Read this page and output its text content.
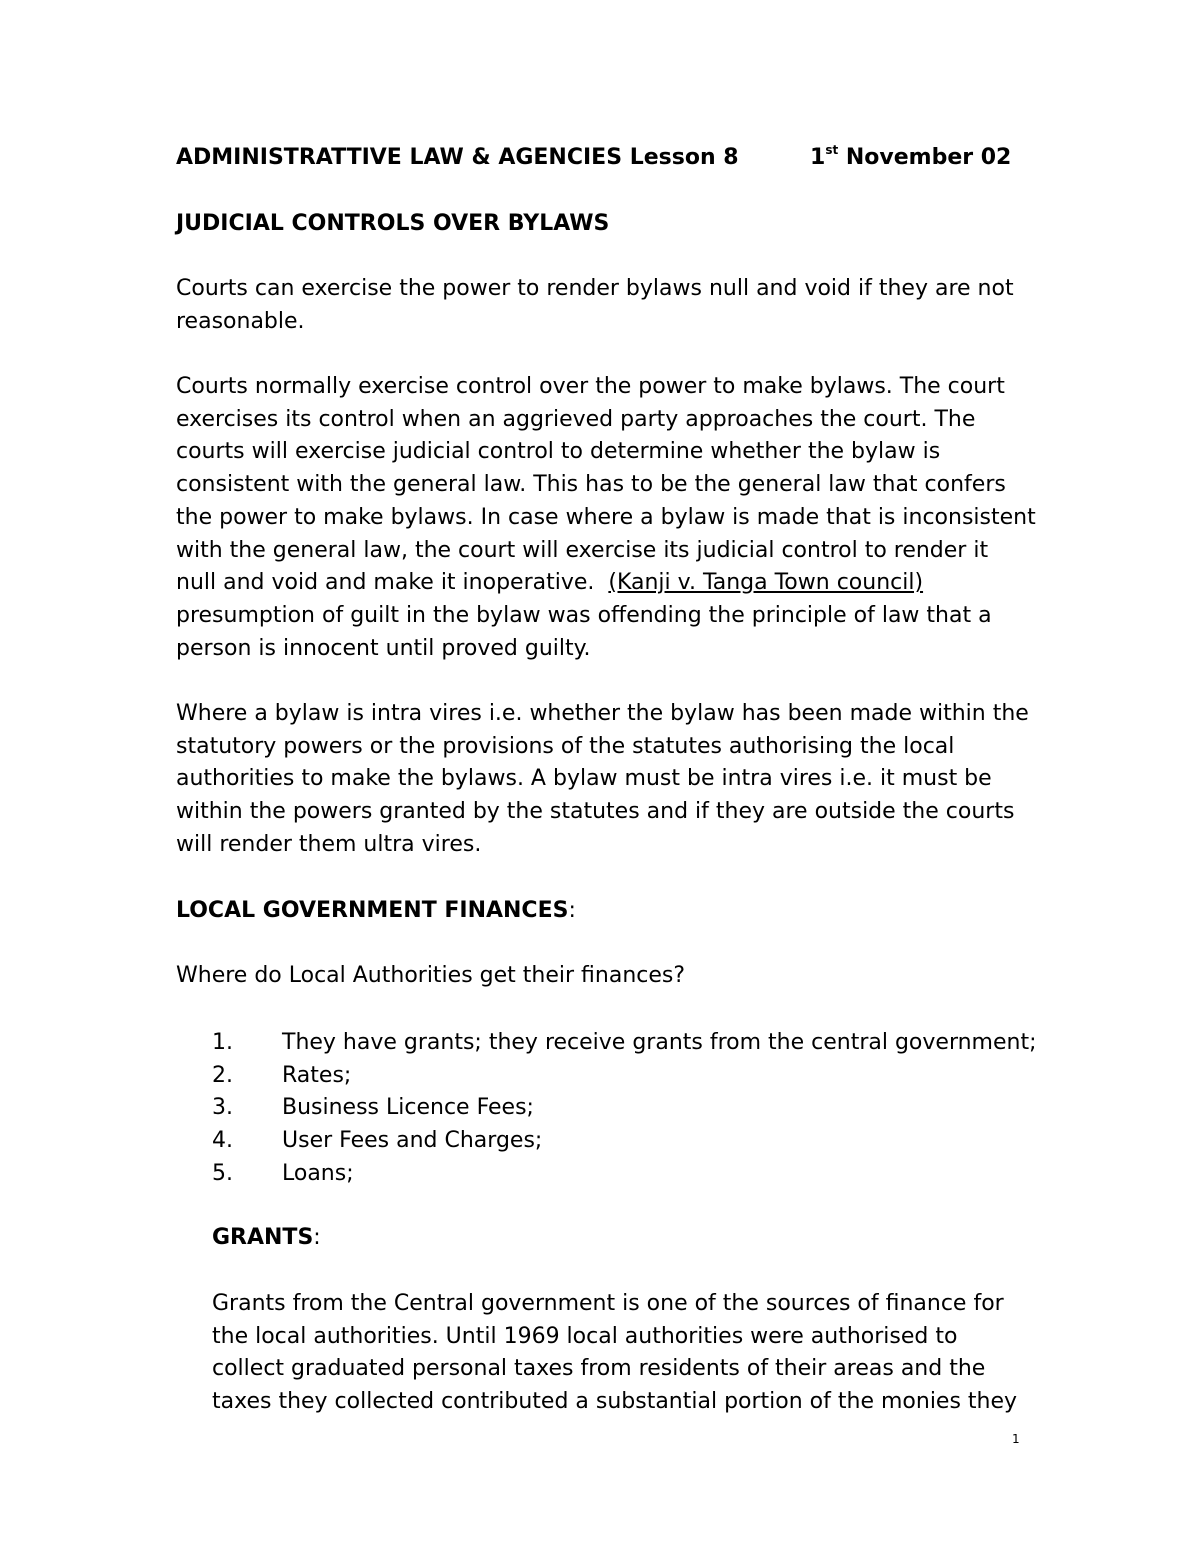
ADMINISTRATTIVE LAW & AGENCIES Lesson 8	1st November 02
JUDICIAL CONTROLS OVER BYLAWS
Courts can exercise the power to render bylaws null and void if they are not
reasonable.
Courts normally exercise control over the power to make bylaws. The court
exercises its control when an aggrieved party approaches the court. The
courts will exercise judicial control to determine whether the bylaw is
consistent with the general law. This has to be the general law that confers
the power to make bylaws. In case where a bylaw is made that is inconsistent
with the general law, the court will exercise its judicial control to render it
null and void and make it inoperative.  (Kanji v. Tanga Town council)
presumption of guilt in the bylaw was offending the principle of law that a
person is innocent until proved guilty.
Where a bylaw is intra vires i.e. whether the bylaw has been made within the
statutory powers or the provisions of the statutes authorising the local
authorities to make the bylaws. A bylaw must be intra vires i.e. it must be
within the powers granted by the statutes and if they are outside the courts
will render them ultra vires.
LOCAL GOVERNMENT FINANCES:
Where do Local Authorities get their finances?
1. They have grants; they receive grants from the central government;
2. Rates;
3. Business Licence Fees;
4. User Fees and Charges;
5. Loans;
GRANTS:
Grants from the Central government is one of the sources of finance for
the local authorities. Until 1969 local authorities were authorised to
collect graduated personal taxes from residents of their areas and the
taxes they collected contributed a substantial portion of the monies they
1
